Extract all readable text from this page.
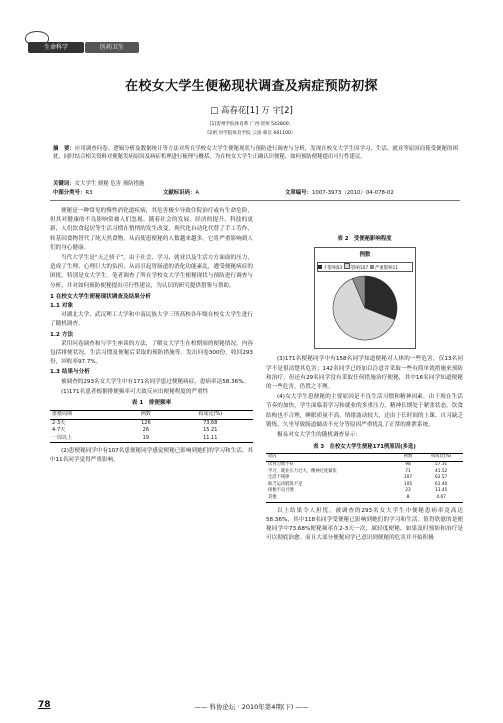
生命科学	医药卫生
在校女大学生便秘现状调查及病症预防初探
□ 高春花[1] 万 宇[2]
[1]贺州学院体育系 广西·贺州 542800；
[2]红河学院体育学院 云南·蒙自 661100）
摘　要：应用调查问卷、逻辑分析及数据统计等方法对所在学校女大学生便秘现状与预防进行调查与分析，发现在校女大学生因学习、生活、就业等原因而使受便秘的困扰，同时结合相关资料对便秘发病原因及病症机理进行梳理与概括，为在校女大学生正确认识便秘、如何预防便秘提出可行性建议。
关键词：女大学生 便秘 危害 预防措施
中图分类号：R3	文献标识码：A	文章编号：1007-3973（2010）04-078-02

便秘是一种常见的慢性消化道疾病，其危害极少导致住院治疗或有生命危险，但其对健康的不良影响常被人们忽视。随着社会的发展、经济的提升、科技的更新，人们饮食起居等生活习惯在悄悄的发生改变，现代化自动化代替了手工劳作，转基因食物替代了纯天然食物，从而使患便秘的人数越来越多。它将严重影响到人们的身心健康。

当代大学生是“天之骄子”，由于社会、学习、就业以及生活方方面面的压力，造成了生理、心理巨大的负担，从而引起胃肠道的消化功能紊乱，遭受便秘病症的困扰。特别是女大学生。笔者调查了所在学校女大学生便秘现状与预防进行调查与分析，并对如何预防便秘提出可行性建议，为认识的研究提供借鉴与帮助。

1 在校女大学生便秘现状调查及结果分析
1.1 对象

对湖北大学、武汉理工大学和中南民族大学三所高校各年级在校女大学生进行了随机调查。

1.2 方法

采用问卷调查和与学生座谈的方法，了解女大学生在校期间的便秘情况。内容包括排便状况、生活习惯及便秘后采取的预防措施等。发出问卷300份，收回293份，回收率97.7%。

1.3 结果与分析

被调查的293名女大学生中有171名同学患过便秘病症，患病率达58.36%。

(1)171名患者根据排便频率可大致反应出便秘程度的严重性

表 1　排便频率
排便周期	例数	构成比(%)
2-3天	126	73.68
4-7天	26	15.21
一周以上	19	11.11

(2)患便秘同学中有107名患便秘同学感觉便秘已影响到她们的学习和生活，其中11名同学觉得严重影响。

表 2　受便秘影响程度
例数
不影响53 影响107 严重影响11

(3)171名便秘同学中有158名同学知道便秘对人体的一些危害，仅13名同学不是很清楚其危害；142名同学已经加以注意并采取一些有简单效措施来预防和治疗，但还有29名同学没有采取任何措施治疗便秘，其中16名同学知道便秘的一些危害，仍置之不理。

(4)女大学生患便秘的主要原因是不良生活习惯和精神因素。由于现在生活节奏的加快，学生面临着学习和就业的多重压力，精神长期处于紧张状态，饮食结构也不合理，睡眠质量不高，情绪波动较大，还由于长时间的上课、自习缺乏锻炼，久坐导致肠道蠕动不充分等原因严重扰乱了正常的排泄系统。

极易对女大学生的随机调查显示：

表 3　在校女大学生便秘171例原因(多选)
原因	例数	构成比(%)
饮食习惯不好	98	57.31
学习、就业压力过大，精神过度紧张	71	41.52
生活不规律	107	62.57
缺乏运动锻炼不足	105	61.40
排便不良习惯	23	13.45
其他	8	4.67

以上结果令人担忧，被调查的293名女大学生中便秘患病率竟高达58.36%，其中118名同学受便秘已影响到她们的学习和生活。值得欣慰的是便秘同学中73.68%便秘频率在2-3天一次，属轻度便秘，如果及时预防和治疗是可以彻底治愈。而且大部分便秘同学已意识到便秘的危害并开始积极

78	—— 科协论坛 · 2010年第4期(下) ——
